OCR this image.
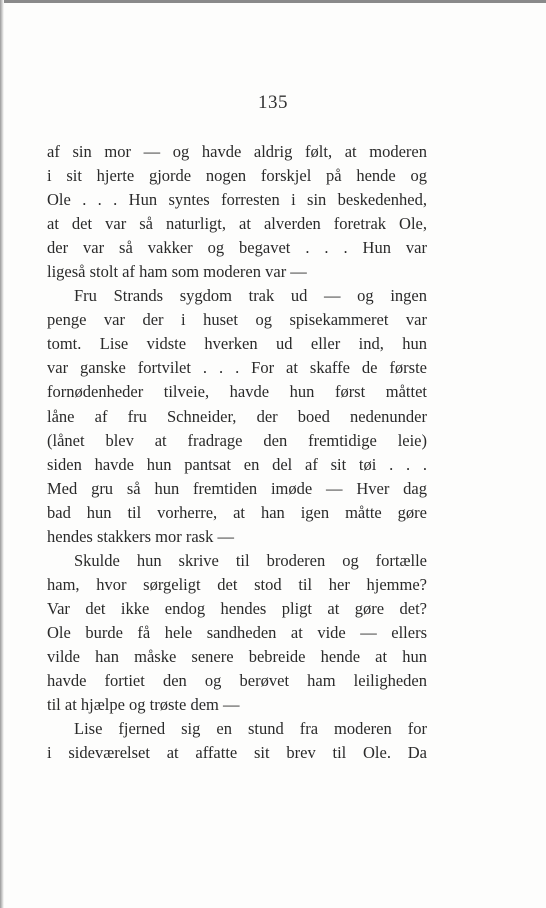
135
af sin mor — og havde aldrig følt, at moderen
i sit hjerte gjorde nogen forskjel på hende og
Ole . . . Hun syntes forresten i sin beskedenhed,
at det var så naturligt, at alverden foretrak Ole,
der var så vakker og begavet . . . Hun var
ligeså stolt af ham som moderen var —
Fru Strands sygdom trak ud — og ingen
penge var der i huset og spisekammeret var
tomt. Lise vidste hverken ud eller ind, hun
var ganske fortvilet . . . For at skaffe de første
fornødenheder tilveie, havde hun først måttet
låne af fru Schneider, der boed nedenunder
(lånet blev at fradrage den fremtidige leie)
siden havde hun pantsat en del af sit tøi . . .
Med gru så hun fremtiden imøde — Hver dag
bad hun til vorherre, at han igen måtte gøre
hendes stakkers mor rask —
Skulde hun skrive til broderen og fortælle
ham, hvor sørgeligt det stod til her hjemme?
Var det ikke endog hendes pligt at gøre det?
Ole burde få hele sandheden at vide — ellers
vilde han måske senere bebreide hende at hun
havde fortiet den og berøvet ham leiligheden
til at hjælpe og trøste dem —
Lise fjerned sig en stund fra moderen for
i sideværelset at affatte sit brev til Ole. Da
